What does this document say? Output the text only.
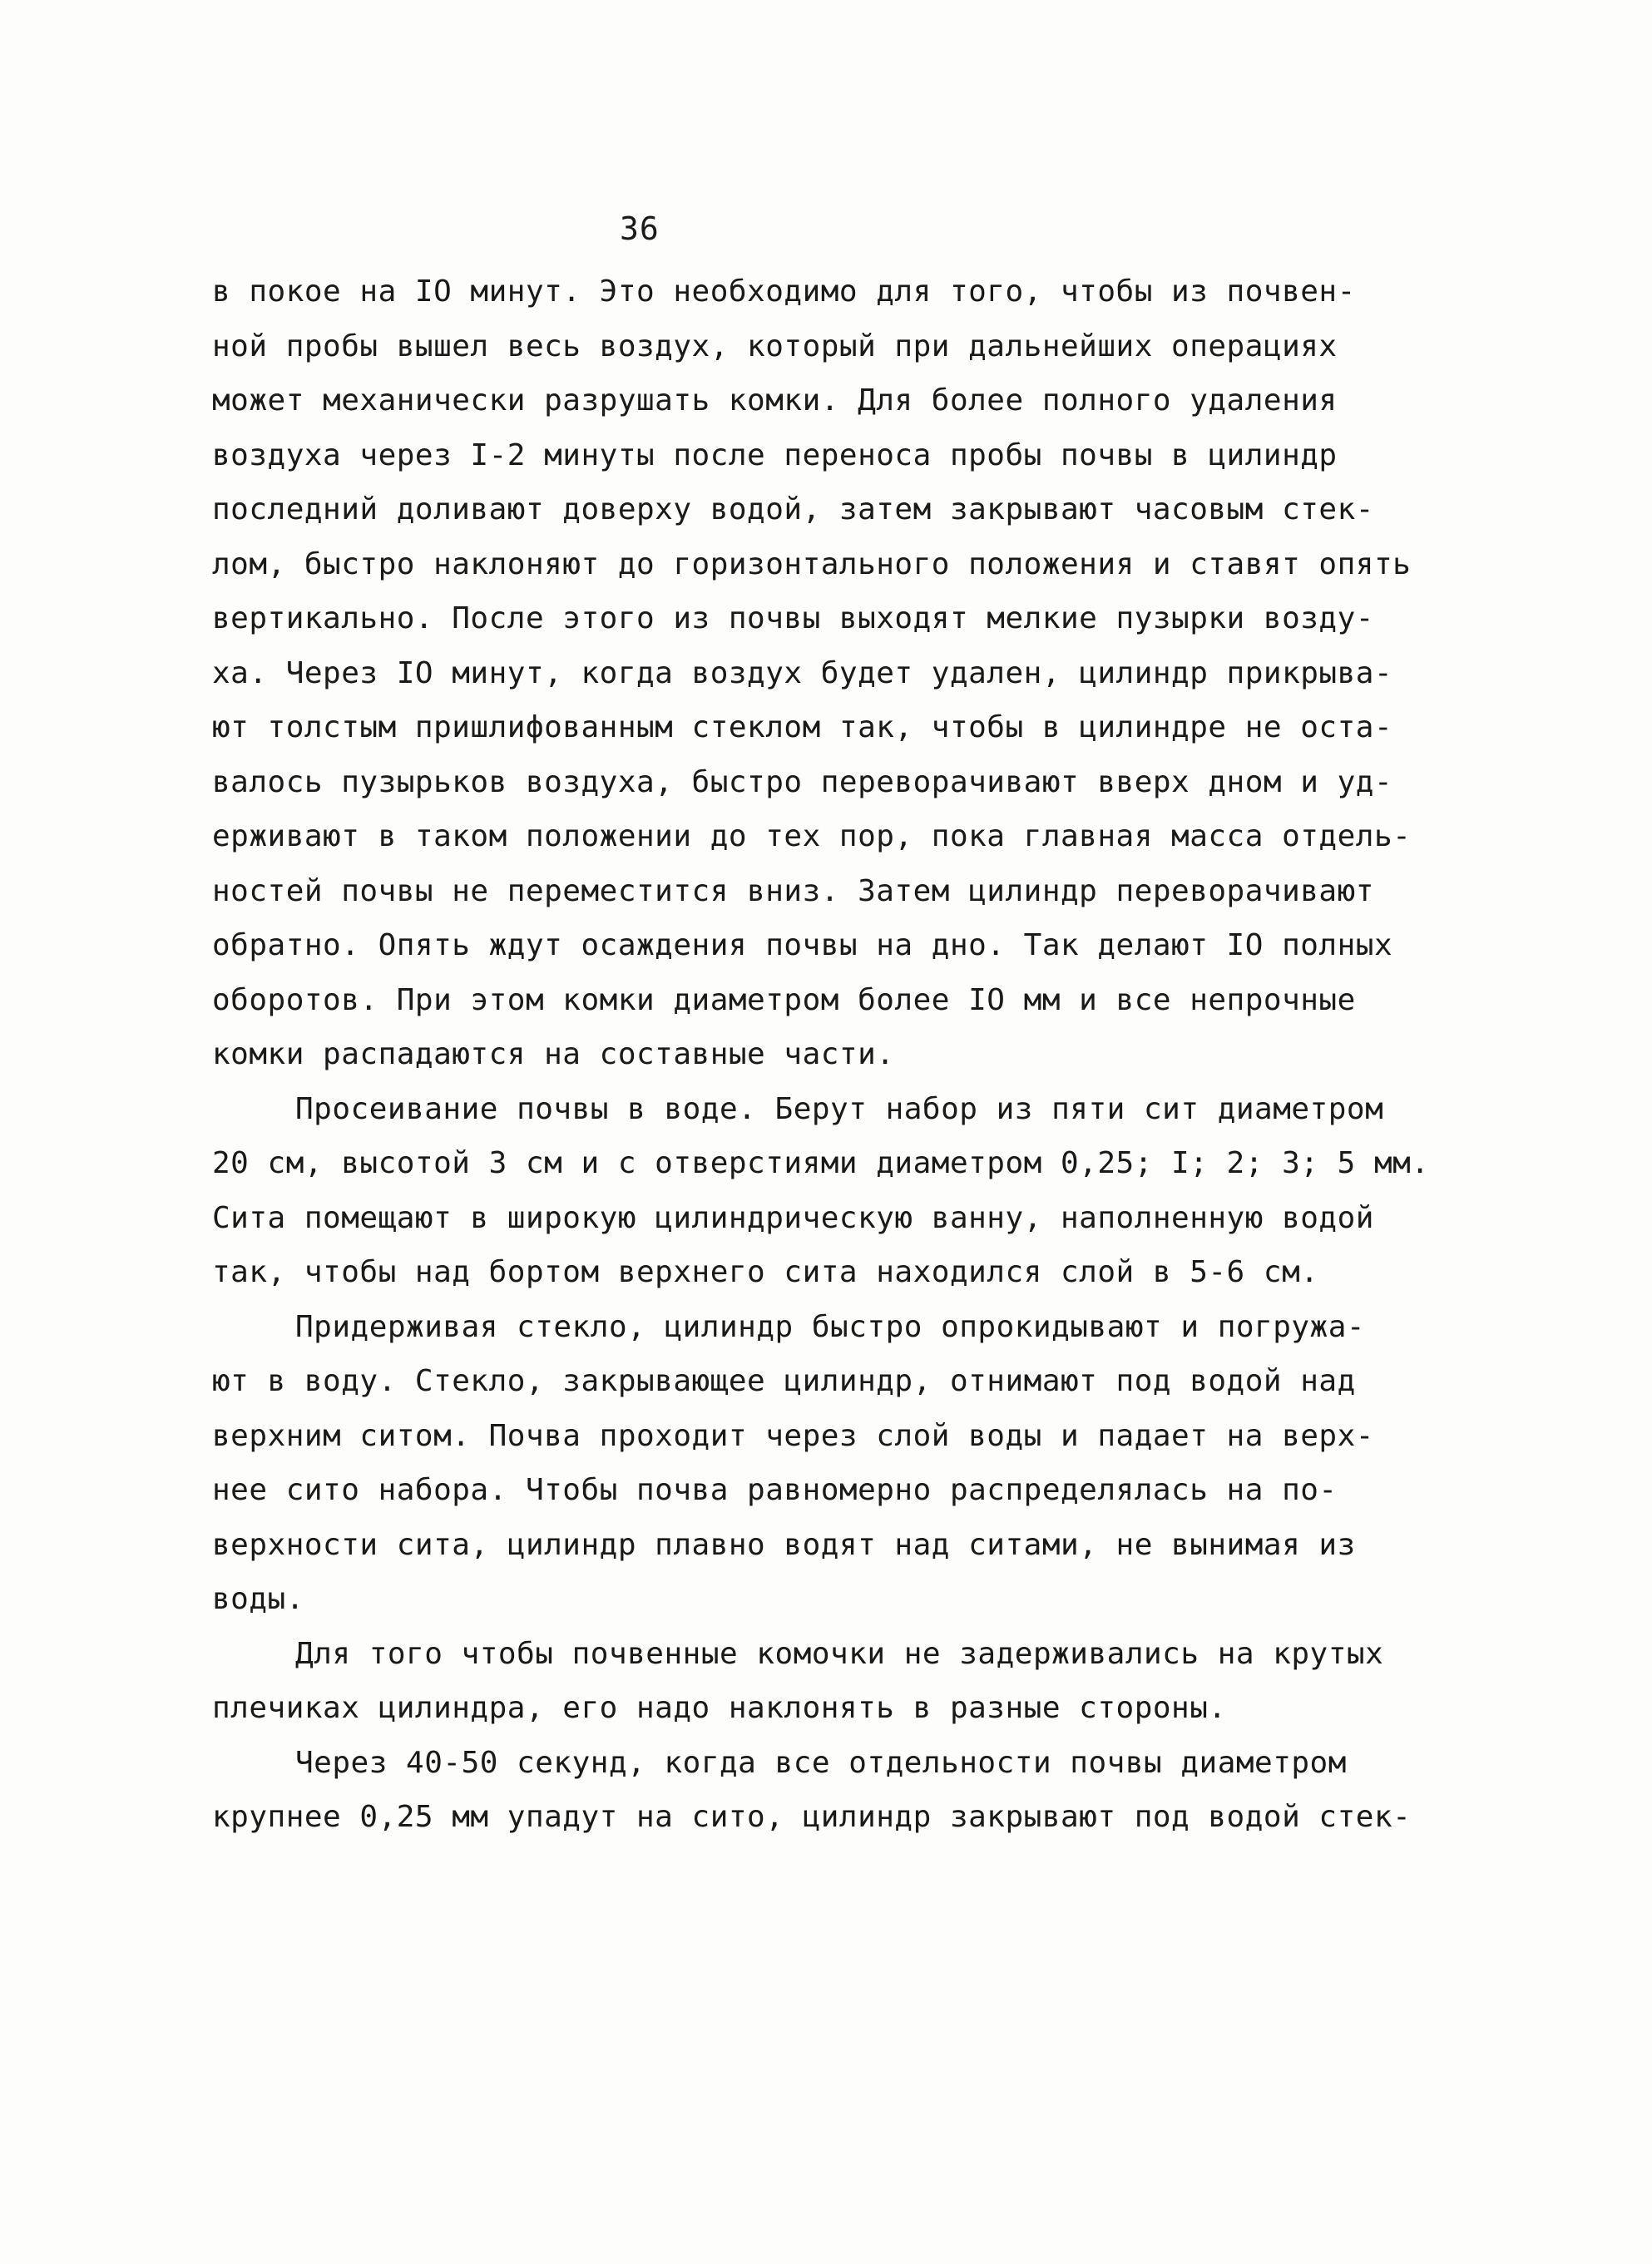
36
в покое на IO минут. Это необходимо для того, чтобы из почвен-
ной пробы вышел весь воздух, который при дальнейших операциях
может механически разрушать комки. Для более полного удаления
воздуха через I-2 минуты после переноса пробы почвы в цилиндр
последний доливают доверху водой, затем закрывают часовым стек-
лом, быстро наклоняют до горизонтального положения и ставят опять
вертикально. После этого из почвы выходят мелкие пузырки возду-
ха. Через IO минут, когда воздух будет удален, цилиндр прикрыва-
ют толстым пришлифованным стеклом так, чтобы в цилиндре не оста-
валось пузырьков воздуха, быстро переворачивают вверх дном и уд-
ерживают в таком положении до тех пор, пока главная масса отдель-
ностей почвы не переместится вниз. Затем цилиндр переворачивают
обратно. Опять ждут осаждения почвы на дно. Так делают IO полных
оборотов. При этом комки диаметром более IO мм и все непрочные
комки распадаются на составные части.
Просеивание почвы в воде. Берут набор из пяти сит диаметром
20 см, высотой 3 см и с отверстиями диаметром 0,25; I; 2; 3; 5 мм.
Сита помещают в широкую цилиндрическую ванну, наполненную водой
так, чтобы над бортом верхнего сита находился слой в 5-6 см.
Придерживая стекло, цилиндр быстро опрокидывают и погружа-
ют в воду. Стекло, закрывающее цилиндр, отнимают под водой над
верхним ситом. Почва проходит через слой воды и падает на верх-
нее сито набора. Чтобы почва равномерно распределялась на по-
верхности сита, цилиндр плавно водят над ситами, не вынимая из
воды.
Для того чтобы почвенные комочки не задерживались на крутых
плечиках цилиндра, его надо наклонять в разные стороны.
Через 40-50 секунд, когда все отдельности почвы диаметром
крупнее 0,25 мм упадут на сито, цилиндр закрывают под водой стек-
